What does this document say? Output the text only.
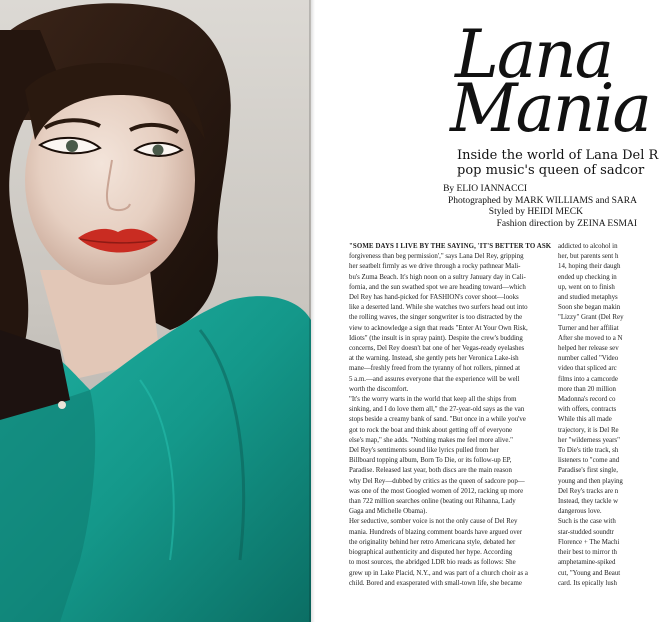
Lana
Mania
Inside the world of Lana Del R
pop music's queen of sadcor
By ELIO IANNACCI
Photographed by MARK WILLIAMS and SARA
Styled by HEIDI MECK
Fashion direction by ZEINA ESMAI

"SOME DAYS I LIVE BY THE SAYING, 'IT'S BETTER TO ASK

forgiveness than beg permission'," says Lana Del Rey, gripping

her seatbelt firmly as we drive through a rocky pathnear Mali-

bu's Zuma Beach. It's high noon on a sultry January day in Cali-

fornia, and the sun swathed spot we are heading toward—which

Del Rey has hand-picked for FASHION's cover shoot—looks

like a deserted land. While she watches two surfers head out into

the rolling waves, the singer songwriter is too distracted by the

view to acknowledge a sign that reads "Enter At Your Own Risk,

Idiots" (the insult is in spray paint). Despite the crew's budding

concerns, Del Rey doesn't bat one of her Vegas-ready eyelashes

at the warning. Instead, she gently pets her Veronica Lake-ish

mane—freshly freed from the tyranny of hot rollers, pinned at

5 a.m.—and assures everyone that the experience will be well

worth the discomfort.

"It's the worry warts in the world that keep all the ships from

sinking, and I do love them all," the 27-year-old says as the van

stops beside a creamy bank of sand. "But once in a while you've

got to rock the boat and think about getting off of everyone

else's map," she adds. "Nothing makes me feel more alive."

Del Rey's sentiments sound like lyrics pulled from her

Billboard topping album, Born To Die, or its follow-up EP,

Paradise. Released last year, both discs are the main reason

why Del Rey—dubbed by critics as the queen of sadcore pop—

was one of the most Googled women of 2012, racking up more

than 722 million searches online (beating out Rihanna, Lady

Gaga and Michelle Obama).

Her seductive, somber voice is not the only cause of Del Rey

mania. Hundreds of blazing comment boards have argued over

the originality behind her retro Americana style, debated her

biographical authenticity and disputed her hype. According

to most sources, the abridged LDR bio reads as follows: She

grew up in Lake Placid, N.Y., and was part of a church choir as a

child. Bored and exasperated with small-town life, she became

addicted to alcohol in

her, but parents sent h

14, hoping their daugh

ended up checking in

up, went on to finish

and studied metaphys

Soon she began makin

"Lizzy" Grant (Del Rey

Turner and her affiliat

After she moved to a N

helped her release sev

number called "Video

video that spliced arc

films into a camcorde

more than 20 million

Madonna's record co

with offers, contracts

While this all made

trajectory, it is Del Re

her "wilderness years"

To Die's title track, sh

listeners to "come and

Paradise's first single,

young and then playing

Del Rey's tracks are n

Instead, they tackle w

dangerous love.

Such is the case with

star-studded soundtr

Florence + The Machi

their best to mirror th

amphetamine-spiked

cut, "Young and Beaut

card. Its epically lush
